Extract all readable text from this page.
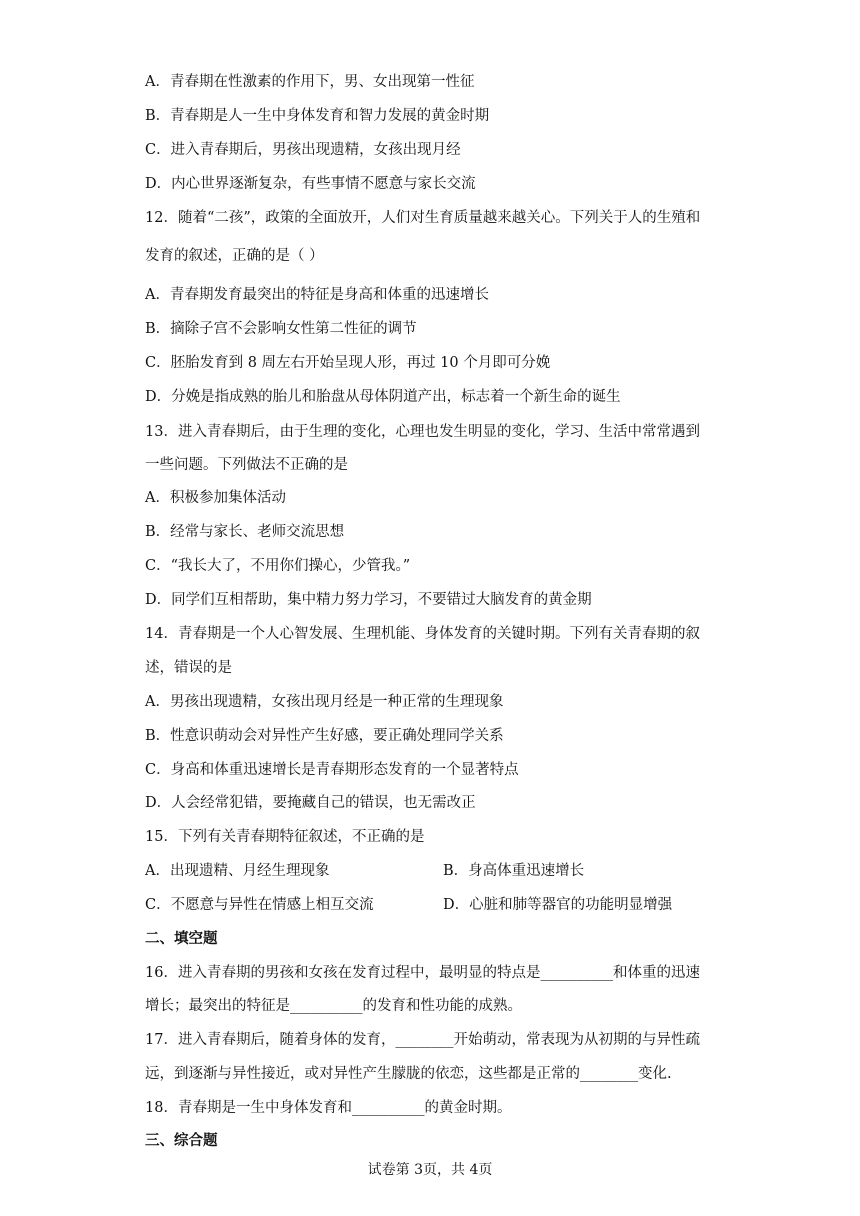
A．青春期在性激素的作用下，男、女出现第一性征
B．青春期是人一生中身体发育和智力发展的黄金时期
C．进入青春期后，男孩出现遗精，女孩出现月经
D．内心世界逐渐复杂，有些事情不愿意与家长交流
12．随着“二孩”，政策的全面放开，人们对生育质量越来越关心。下列关于人的生殖和
发育的叙述，正确的是（ ）
A．青春期发育最突出的特征是身高和体重的迅速增长
B．摘除子宫不会影响女性第二性征的调节
C．胚胎发育到 8 周左右开始呈现人形，再过 10 个月即可分娩
D．分娩是指成熟的胎儿和胎盘从母体阴道产出，标志着一个新生命的诞生
13．进入青春期后，由于生理的变化，心理也发生明显的变化，学习、生活中常常遇到
一些问题。下列做法不正确的是
A．积极参加集体活动
B．经常与家长、老师交流思想
C．“我长大了，不用你们操心，少管我。”
D．同学们互相帮助，集中精力努力学习，不要错过大脑发育的黄金期
14．青春期是一个人心智发展、生理机能、身体发育的关键时期。下列有关青春期的叙
述，错误的是
A．男孩出现遗精，女孩出现月经是一种正常的生理现象
B．性意识萌动会对异性产生好感，要正确处理同学关系
C．身高和体重迅速增长是青春期形态发育的一个显著特点
D．人会经常犯错，要掩藏自己的错误，也无需改正
15．下列有关青春期特征叙述，不正确的是
A．出现遗精、月经生理现象	B．身高体重迅速增长
C．不愿意与异性在情感上相互交流	D．心脏和肺等器官的功能明显增强
二、填空题
16．进入青春期的男孩和女孩在发育过程中，最明显的特点是__________和体重的迅速
增长；最突出的特征是__________的发育和性功能的成熟。
17．进入青春期后，随着身体的发育，________开始萌动，常表现为从初期的与异性疏
远，到逐渐与异性接近，或对异性产生朦胧的依恋，这些都是正常的________变化.
18．青春期是一生中身体发育和__________的黄金时期。
三、综合题
试卷第 3页，共 4页
